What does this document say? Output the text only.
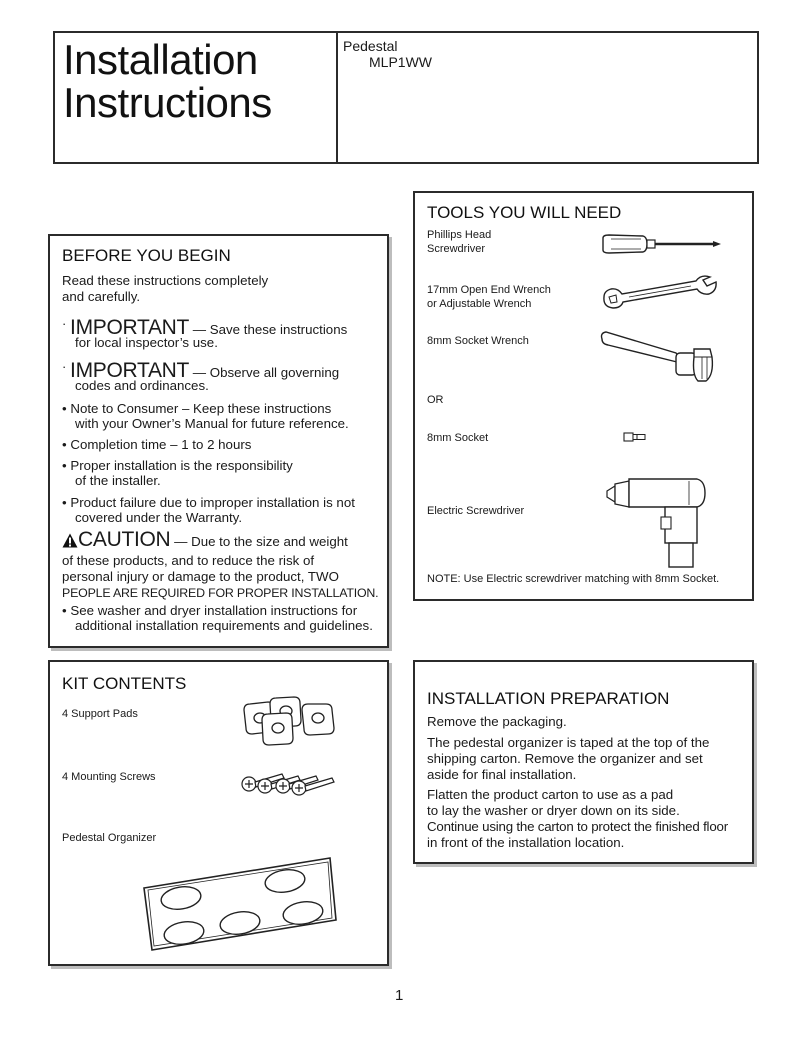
Installation
Instructions
Pedestal
MLP1WW
BEFORE YOU BEGIN
Read these instructions completely
and carefully.
· IMPORTANT — Save these instructions
for local inspector’s use.
· IMPORTANT — Observe all governing
codes and ordinances.
• Note to Consumer – Keep these instructions
with your Owner’s Manual for future reference.
• Completion time – 1 to 2 hours
• Proper installation is the responsibility
of the installer.
• Product failure due to improper installation is not
covered under the Warranty.
CAUTION — Due to the size and weight
of these products, and to reduce the risk of
personal injury or damage to the product, TWO
PEOPLE ARE REQUIRED FOR PROPER INSTALLATION.
• See washer and dryer installation instructions for
additional installation requirements and guidelines.
TOOLS YOU WILL NEED
Phillips Head
Screwdriver
17mm Open End Wrench
or Adjustable Wrench
8mm Socket Wrench
OR
8mm Socket
Electric Screwdriver
NOTE: Use Electric screwdriver matching with 8mm Socket.
KIT CONTENTS
4 Support Pads
4 Mounting Screws
Pedestal Organizer
INSTALLATION PREPARATION
Remove the packaging.
The pedestal organizer is taped at the top of the
shipping carton. Remove the organizer and set
aside for final installation.
Flatten the product carton to use as a pad
to lay the washer or dryer down on its side.
Continue using the carton to protect the finished floor
in front of the installation location.
1
